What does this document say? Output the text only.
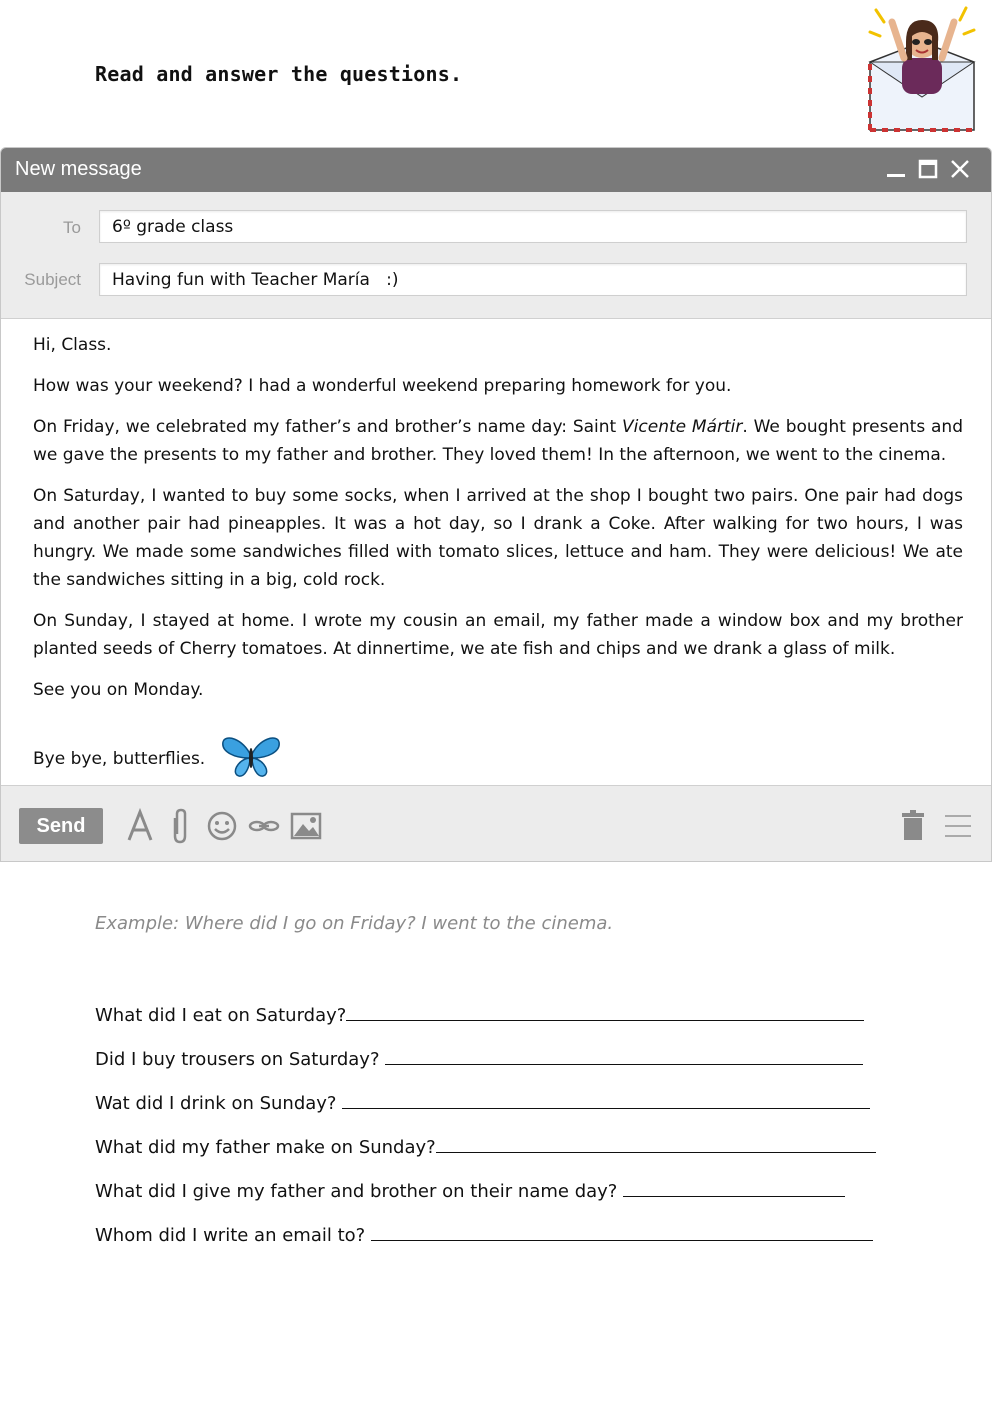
Read and answer the questions.
New message
To	6º grade class
Subject	Having fun with Teacher María   :)

Hi, Class.

How was your weekend? I had a wonderful weekend preparing homework for you.

On Friday, we celebrated my father’s and brother’s name day: Saint Vicente Mártir. We bought presents and we gave the presents to my father and brother. They loved them! In the afternoon, we went to the cinema.

On Saturday, I wanted to buy some socks, when I arrived at the shop I bought two pairs. One pair had dogs and another pair had pineapples. It was a hot day, so I drank a Coke. After walking for two hours, I was hungry. We made some sandwiches filled with tomato slices, lettuce and ham. They were delicious! We ate the sandwiches sitting in a big, cold rock.

On Sunday, I stayed at home. I wrote my cousin an email, my father made a window box and my brother planted seeds of Cherry tomatoes. At dinnertime, we ate fish and chips and we drank a glass of milk.

See you on Monday.

Bye bye, butterflies.

Send
Example: Where did I go on Friday? I went to the cinema.
What did I eat on Saturday?
Did I buy trousers on Saturday?
Wat did I drink on Sunday?
What did my father make on Sunday?
What did I give my father and brother on their name day?
Whom did I write an email to?
